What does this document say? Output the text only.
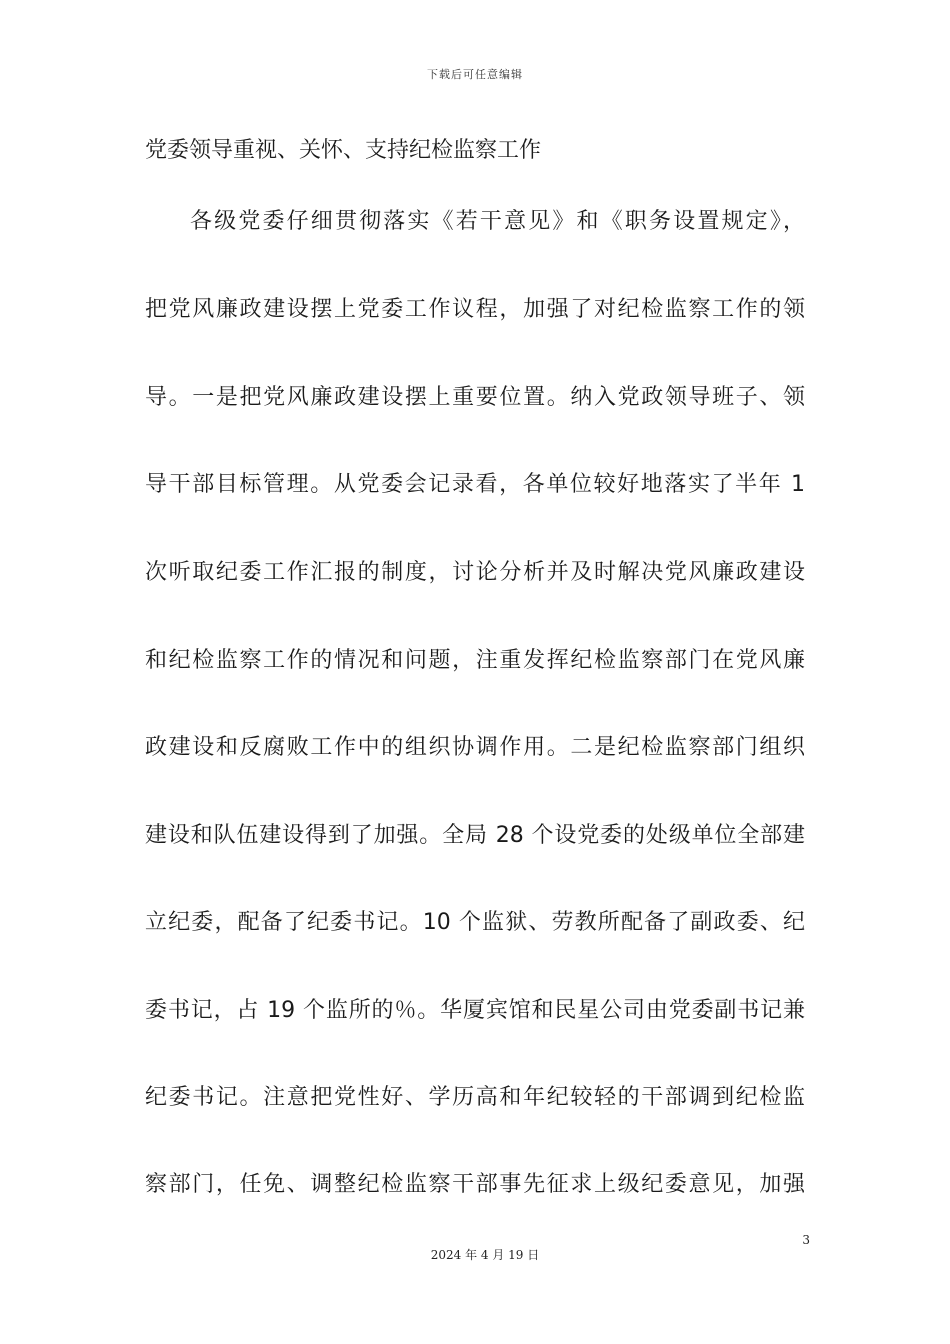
下载后可任意编辑
党委领导重视、关怀、支持纪检监察工作
各级党委仔细贯彻落实《若干意见》和《职务设置规定》，
把党风廉政建设摆上党委工作议程，加强了对纪检监察工作的领
导。一是把党风廉政建设摆上重要位置。纳入党政领导班子、领
导干部目标管理。从党委会记录看，各单位较好地落实了半年 1
次听取纪委工作汇报的制度，讨论分析并及时解决党风廉政建设
和纪检监察工作的情况和问题，注重发挥纪检监察部门在党风廉
政建设和反腐败工作中的组织协调作用。二是纪检监察部门组织
建设和队伍建设得到了加强。全局 28 个设党委的处级单位全部建
立纪委，配备了纪委书记。10 个监狱、劳教所配备了副政委、纪
委书记，占 19 个监所的％。华厦宾馆和民星公司由党委副书记兼
纪委书记。注意把党性好、学历高和年纪较轻的干部调到纪检监
察部门，任免、调整纪检监察干部事先征求上级纪委意见，加强
3
2024 年 4 月 19 日
